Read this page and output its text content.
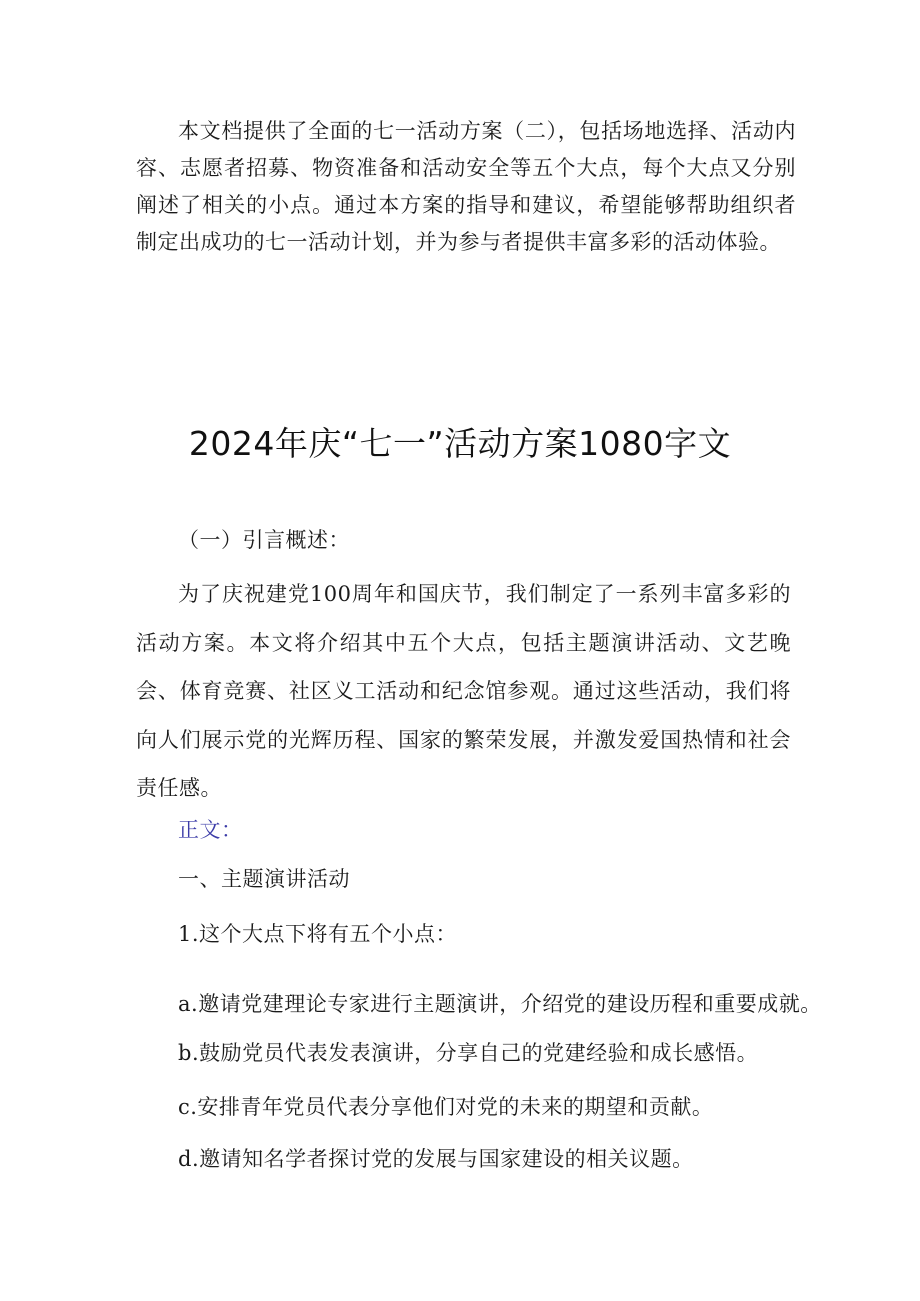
本文档提供了全面的七一活动方案（二），包括场地选择、活动内容、志愿者招募、物资准备和活动安全等五个大点，每个大点又分别阐述了相关的小点。通过本方案的指导和建议，希望能够帮助组织者制定出成功的七一活动计划，并为参与者提供丰富多彩的活动体验。

2024年庆“七一”活动方案1080字文
（一）引言概述：

为了庆祝建党100周年和国庆节，我们制定了一系列丰富多彩的活动方案。本文将介绍其中五个大点，包括主题演讲活动、文艺晚会、体育竞赛、社区义工活动和纪念馆参观。通过这些活动，我们将向人们展示党的光辉历程、国家的繁荣发展，并激发爱国热情和社会责任感。

正文：
一、主题演讲活动
1.这个大点下将有五个小点：
a.邀请党建理论专家进行主题演讲，介绍党的建设历程和重要成就。
b.鼓励党员代表发表演讲，分享自己的党建经验和成长感悟。
c.安排青年党员代表分享他们对党的未来的期望和贡献。
d.邀请知名学者探讨党的发展与国家建设的相关议题。
